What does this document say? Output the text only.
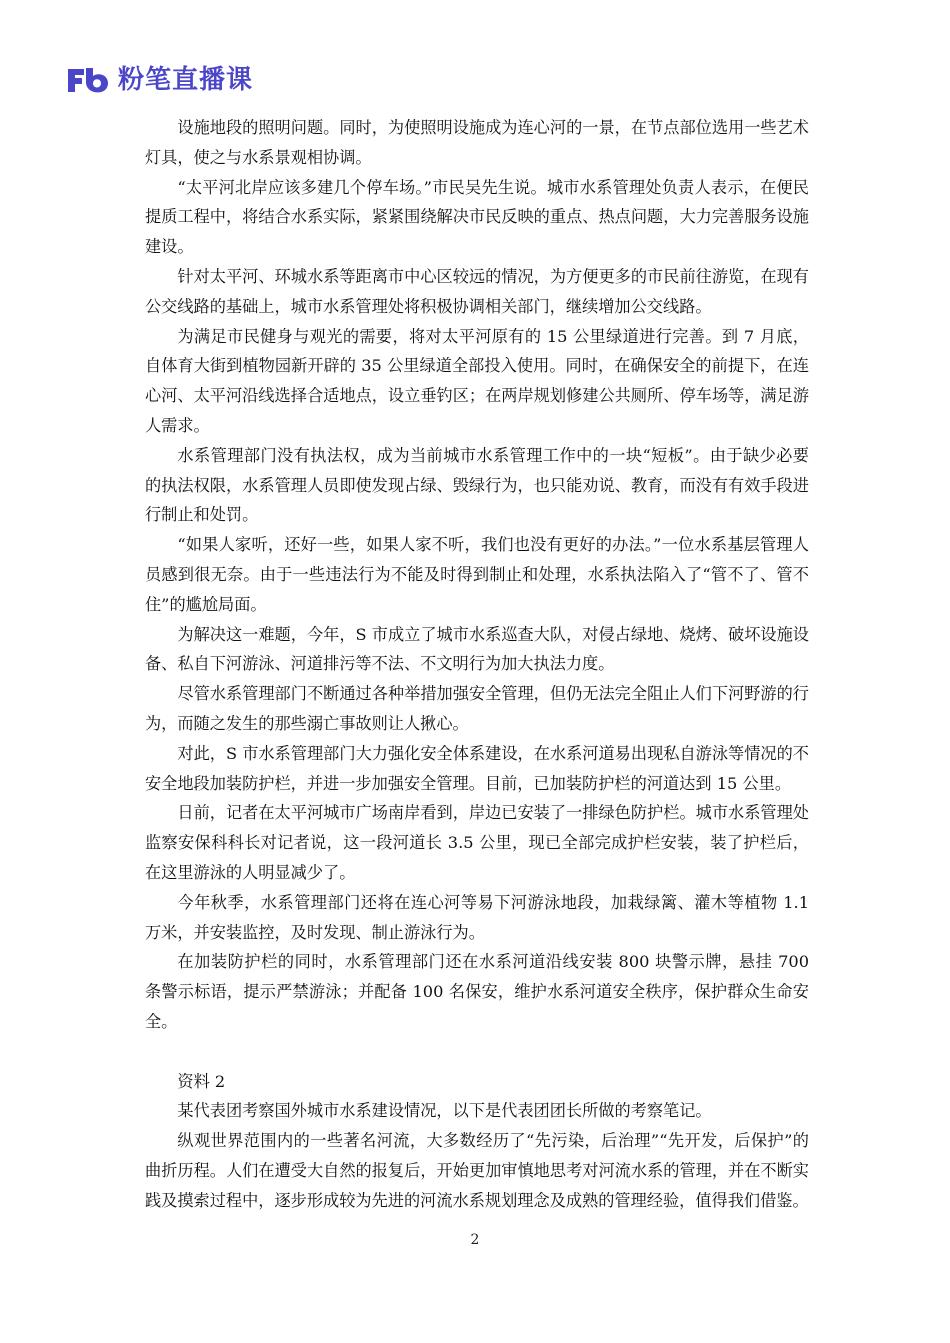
粉笔直播课

设施地段的照明问题。同时，为使照明设施成为连心河的一景，在节点部位选用一些艺术灯具，使之与水系景观相协调。

“太平河北岸应该多建几个停车场。”市民吴先生说。城市水系管理处负责人表示，在便民提质工程中，将结合水系实际，紧紧围绕解决市民反映的重点、热点问题，大力完善服务设施建设。

针对太平河、环城水系等距离市中心区较远的情况，为方便更多的市民前往游览，在现有公交线路的基础上，城市水系管理处将积极协调相关部门，继续增加公交线路。

为满足市民健身与观光的需要，将对太平河原有的 15 公里绿道进行完善。到 7 月底，自体育大街到植物园新开辟的 35 公里绿道全部投入使用。同时，在确保安全的前提下，在连心河、太平河沿线选择合适地点，设立垂钓区；在两岸规划修建公共厕所、停车场等，满足游人需求。

水系管理部门没有执法权，成为当前城市水系管理工作中的一块“短板”。由于缺少必要的执法权限，水系管理人员即使发现占绿、毁绿行为，也只能劝说、教育，而没有有效手段进行制止和处罚。

“如果人家听，还好一些，如果人家不听，我们也没有更好的办法。”一位水系基层管理人员感到很无奈。由于一些违法行为不能及时得到制止和处理，水系执法陷入了“管不了、管不住”的尴尬局面。

为解决这一难题，今年，S 市成立了城市水系巡查大队，对侵占绿地、烧烤、破坏设施设备、私自下河游泳、河道排污等不法、不文明行为加大执法力度。

尽管水系管理部门不断通过各种举措加强安全管理，但仍无法完全阻止人们下河野游的行为，而随之发生的那些溺亡事故则让人揪心。

对此，S 市水系管理部门大力强化安全体系建设，在水系河道易出现私自游泳等情况的不安全地段加装防护栏，并进一步加强安全管理。目前，已加装防护栏的河道达到 15 公里。

日前，记者在太平河城市广场南岸看到，岸边已安装了一排绿色防护栏。城市水系管理处监察安保科科长对记者说，这一段河道长 3.5 公里，现已全部完成护栏安装，装了护栏后，在这里游泳的人明显减少了。

今年秋季，水系管理部门还将在连心河等易下河游泳地段，加栽绿篱、灌木等植物 1.1 万米，并安装监控，及时发现、制止游泳行为。

在加装防护栏的同时，水系管理部门还在水系河道沿线安装 800 块警示牌，悬挂 700 条警示标语，提示严禁游泳；并配备 100 名保安，维护水系河道安全秩序，保护群众生命安全。

资料 2

某代表团考察国外城市水系建设情况，以下是代表团团长所做的考察笔记。

纵观世界范围内的一些著名河流，大多数经历了“先污染，后治理”“先开发，后保护”的曲折历程。人们在遭受大自然的报复后，开始更加审慎地思考对河流水系的管理，并在不断实践及摸索过程中，逐步形成较为先进的河流水系规划理念及成熟的管理经验，值得我们借鉴。

2
